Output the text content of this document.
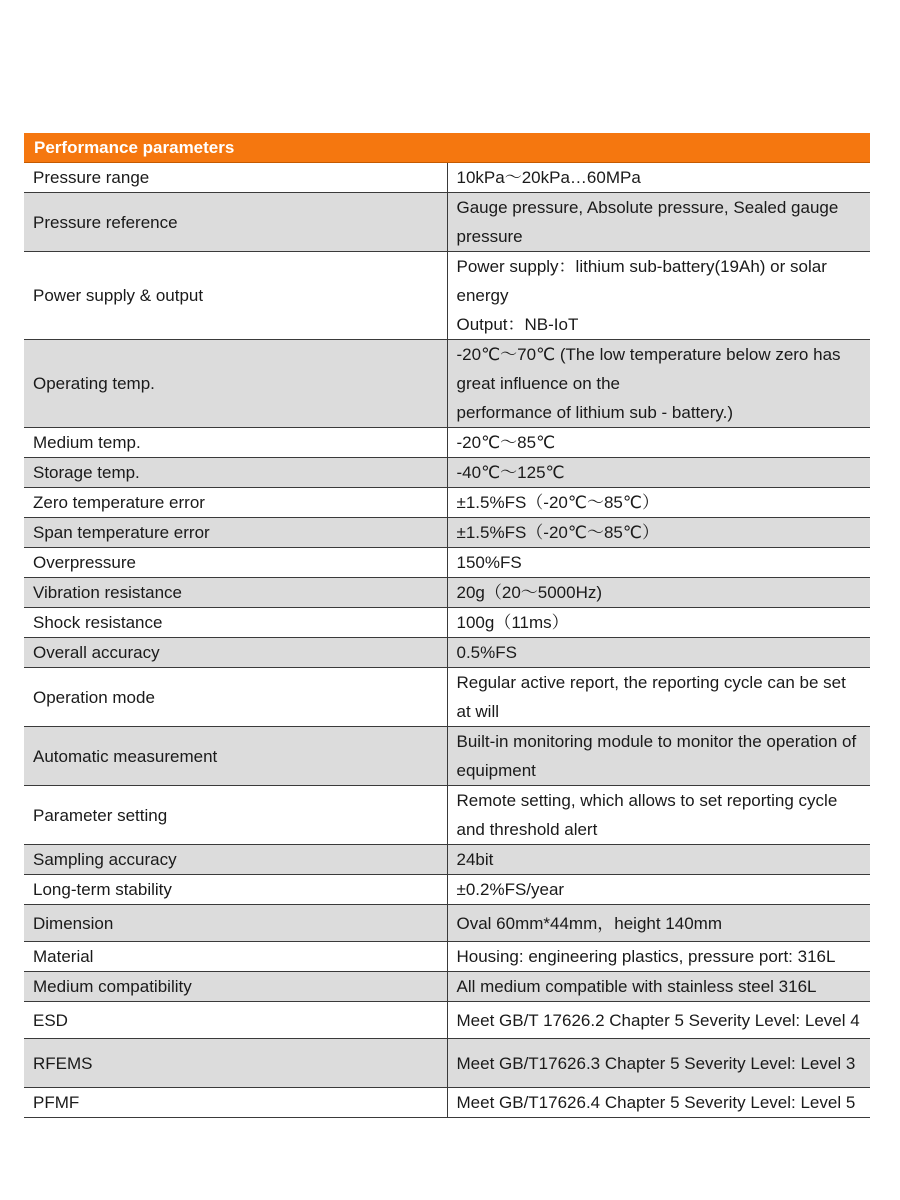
Performance parameters	
Pressure range	10kPa～20kPa…60MPa
Pressure reference	Gauge pressure, Absolute pressure, Sealed gauge pressure
Power supply & output	Power supply：lithium sub-battery(19Ah) or solar energy
Output：NB-IoT

Operating temp.	-20℃～70℃ (The low temperature below zero has great influence on the
performance of lithium sub - battery.)

Medium temp.	-20℃～85℃
Storage temp.	-40℃～125℃
Zero temperature error	±1.5%FS（-20℃～85℃）
Span temperature error	±1.5%FS（-20℃～85℃）
Overpressure	150%FS
Vibration resistance	20g（20～5000Hz)
Shock resistance	100g（11ms）
Overall accuracy	0.5%FS
Operation mode	Regular active report, the reporting cycle can be set at will
Automatic measurement	Built-in monitoring module to monitor the operation of equipment
Parameter setting	Remote setting, which allows to set reporting cycle and threshold alert
Sampling accuracy	24bit
Long-term stability	±0.2%FS/year
Dimension	Oval 60mm*44mm，height 140mm
Material	Housing: engineering plastics, pressure port: 316L
Medium compatibility	All medium compatible with stainless steel 316L
ESD	Meet GB/T 17626.2 Chapter 5 Severity Level: Level 4
RFEMS	Meet GB/T17626.3 Chapter 5 Severity Level: Level 3
PFMF	Meet GB/T17626.4 Chapter 5 Severity Level: Level 5
